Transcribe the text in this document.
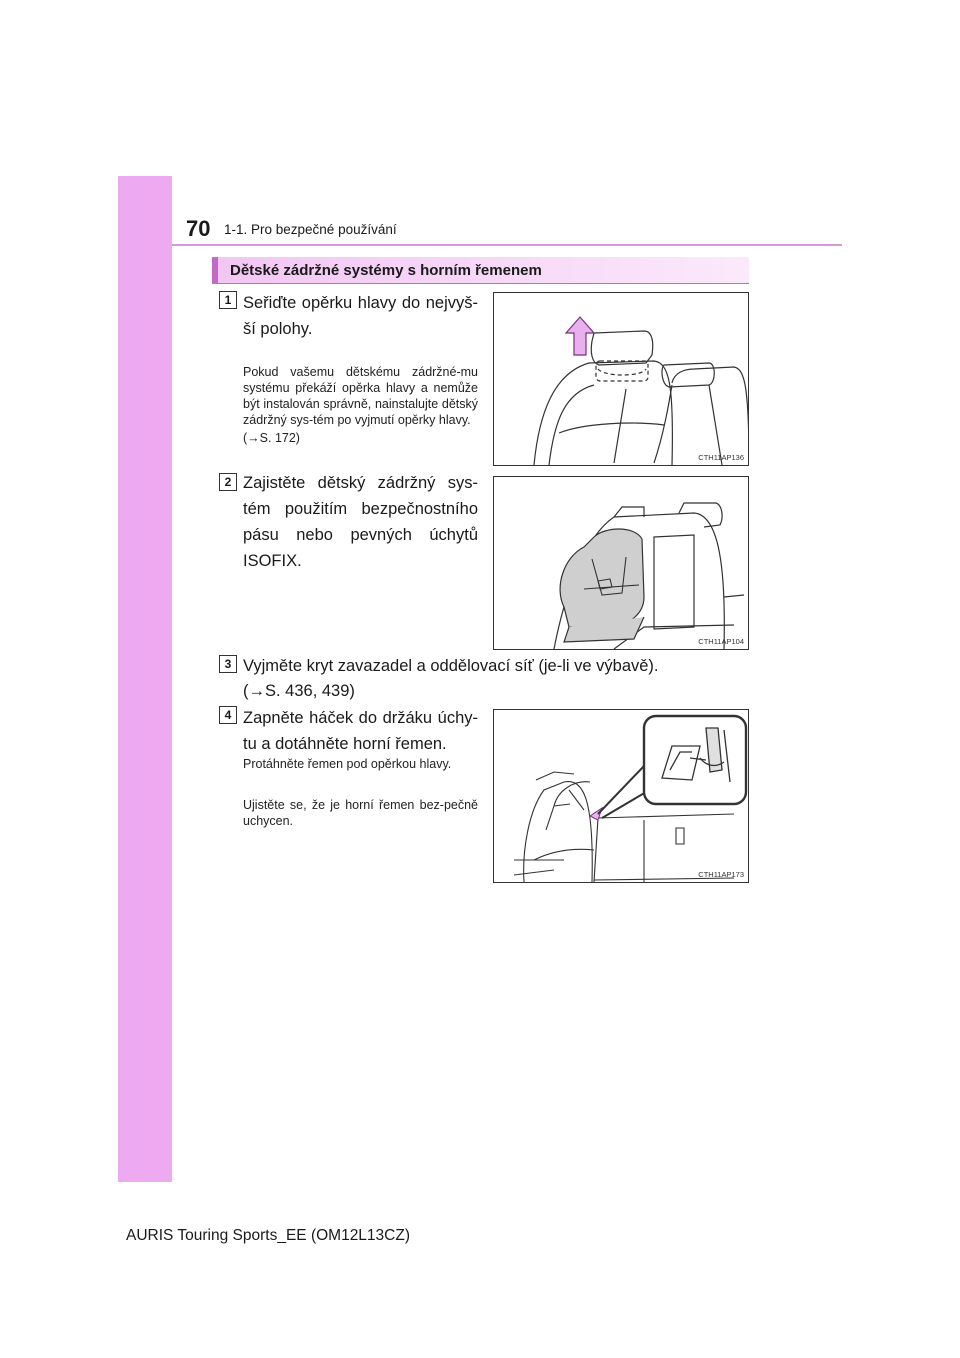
70 1-1. Pro bezpečné používání
Dětské zádržné systémy s horním řemenem
1 Seřiďte opěrku hlavy do nejvyš-ší polohy.
Pokud vašemu dětskému zádržné-mu systému překáží opěrka hlavy a nemůže být instalován správně, nainstalujte dětský zádržný sys-tém po vyjmutí opěrky hlavy.
(→S. 172)
CTH11AP136
2 Zajistěte dětský zádržný sys-tém použitím bezpečnostního pásu nebo pevných úchytů ISOFIX.
CTH11AP104
3 Vyjměte kryt zavazadel a oddělovací síť (je-li ve výbavě).
(→S. 436, 439)
4 Zapněte háček do držáku úchy-tu a dotáhněte horní řemen.
Protáhněte řemen pod opěrkou hlavy.
Ujistěte se, že je horní řemen bez-pečně uchycen.
CTH11AP173
AURIS Touring Sports_EE (OM12L13CZ)
